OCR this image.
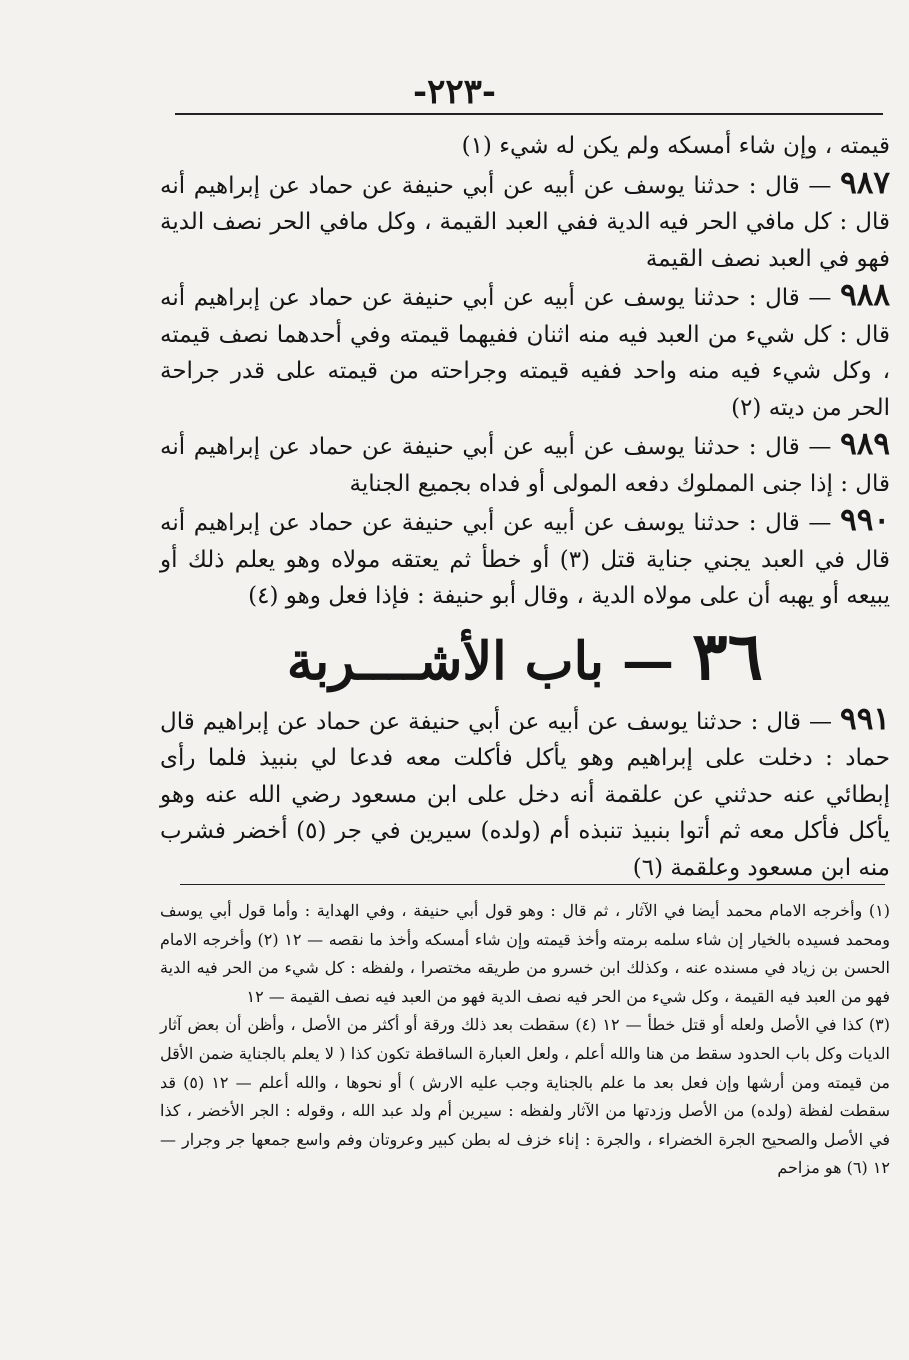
-٢٢٣-

قيمته ، وإن شاء أمسكه ولم يكن له شيء (١)

٩٨٧ — قال : حدثنا يوسف عن أبيه عن أبي حنيفة عن حماد عن إبراهيم أنه قال : كل مافي الحر فيه الدية ففي العبد القيمة ، وكل مافي الحر نصف الدية فهو في العبد نصف القيمة

٩٨٨ — قال : حدثنا يوسف عن أبيه عن أبي حنيفة عن حماد عن إبراهيم أنه قال : كل شيء من العبد فيه منه اثنان ففيهما قيمته وفي أحدهما نصف قيمته ، وكل شيء فيه منه واحد ففيه قيمته وجراحته من قيمته على قدر جراحة الحر من ديته (٢)

٩٨٩ — قال : حدثنا يوسف عن أبيه عن أبي حنيفة عن حماد عن إبراهيم أنه قال : إذا جنى المملوك دفعه المولى أو فداه بجميع الجناية

٩٩٠ — قال : حدثنا يوسف عن أبيه عن أبي حنيفة عن حماد عن إبراهيم أنه قال في العبد يجني جناية قتل (٣) أو خطأ ثم يعتقه مولاه وهو يعلم ذلك أو يبيعه أو يهبه أن على مولاه الدية ، وقال أبو حنيفة : فإذا فعل وهو (٤)

٣٦ — باب الأشــــربة

٩٩١ — قال : حدثنا يوسف عن أبيه عن أبي حنيفة عن حماد عن إبراهيم قال حماد : دخلت على إبراهيم وهو يأكل فأكلت معه فدعا لي بنبيذ فلما رأى إبطائي عنه حدثني عن علقمة أنه دخل على ابن مسعود رضي الله عنه وهو يأكل فأكل معه ثم أتوا بنبيذ تنبذه أم (ولده) سيرين في جر (٥) أخضر فشرب منه ابن مسعود وعلقمة (٦)

(١) وأخرجه الامام محمد أيضا في الآثار ، ثم قال : وهو قول أبي حنيفة ، وفي الهداية : وأما قول أبي يوسف ومحمد فسيده بالخيار إن شاء سلمه برمته وأخذ قيمته وإن شاء أمسكه وأخذ ما نقصه — ١٢ (٢) وأخرجه الامام الحسن بن زياد في مسنده عنه ، وكذلك ابن خسرو من طريقه مختصرا ، ولفظه : كل شيء من الحر فيه الدية فهو من العبد فيه القيمة ، وكل شيء من الحر فيه نصف الدية فهو من العبد فيه نصف القيمة — ١٢

(٣) كذا في الأصل ولعله أو قتل خطأ — ١٢ (٤) سقطت بعد ذلك ورقة أو أكثر من الأصل ، وأظن أن بعض آثار الديات وكل باب الحدود سقط من هنا والله أعلم ، ولعل العبارة الساقطة تكون كذا ( لا يعلم بالجناية ضمن الأقل من قيمته ومن أرشها وإن فعل بعد ما علم بالجناية وجب عليه الارش ) أو نحوها ، والله أعلم — ١٢ (٥) قد سقطت لفظة (ولده) من الأصل وزدتها من الآثار ولفظه : سيرين أم ولد عبد الله ، وقوله : الجر الأخضر ، كذا في الأصل والصحيح الجرة الخضراء ، والجرة : إناء خزف له بطن كبير وعروتان وفم واسع جمعها جر وجرار — ١٢ (٦) هو مزاحم
